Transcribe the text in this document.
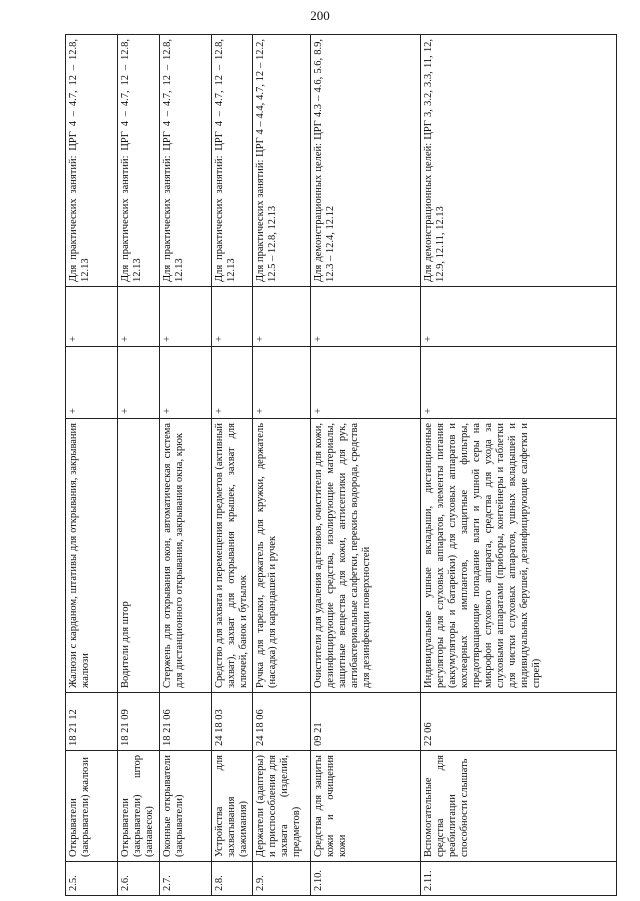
200
2.5.	Открыватели (закрыватели) жалюзи	18 21 12	Жалюзи с карданом, штативы для открывания, закрывания жалюзи	+	+	Для практических занятий: ЦРГ 4 – 4.7, 12 – 12.8, 12.13
2.6.	Открыватели (закрыватели) штор (занавесок)	18 21 09	Водители для штор	+	+	Для практических занятий: ЦРГ 4 – 4.7, 12 – 12.8, 12.13
2.7.	Оконные открыватели (закрыватели)	18 21 06	Стержень для открывания окон, автоматическая система для дистанционного открывания, закрывания окна, крюк	+	+	Для практических занятий: ЦРГ 4 – 4.7, 12 – 12.8, 12.13
2.8.	Устройства для захватывания (зажимания)	24 18 03	Средство для захвата и перемещения предметов (активный захват), захват для открывания крышек, захват для ключей, банок и бутылок	+	+	Для практических занятий: ЦРГ 4 – 4.7, 12 – 12.8, 12.13
2.9.	Держатели (адаптеры) и приспособления для захвата (изделий, предметов)	24 18 06	Ручка для тарелки, держатель для кружки, держатель (насадка) для карандашей и ручек	+	+	Для практических занятий: ЦРГ 4 – 4.4, 4.7, 12 – 12.2, 12.5 – 12.8, 12.13
2.10.	Средства для защиты кожи и очищения кожи	09 21	Очистители для удаления адгезивов, очистители для кожи, дезинфицирующие средства, изолирующие материалы, защитные вещества для кожи, антисептики для рук, антибактериальные салфетки, перекись водорода, средства для дезинфекции поверхностей	+	+	Для демонстрационных целей: ЦРГ 4.3 – 4.6, 5.6, 8.9, 12.3 – 12.4, 12.12
2.11.	Вспомогательные средства для реабилитации способности слышать	22 06	Индивидуальные ушные вкладыши, дистанционные регуляторы для слуховых аппаратов, элементы питания (аккумуляторы и батарейки) для слуховых аппаратов и кохлеарных имплантов, защитные фильтры, предотвращающие попадание влаги и ушной серы на микрофон слухового аппарата, средства для ухода за слуховыми аппаратами (приборы, контейнеры и таблетки для чистки слуховых аппаратов, ушных вкладышей и индивидуальных берушей, дезинфицирующие салфетки и спрей)	+	+	Для демонстрационных целей: ЦРГ 3, 3.2, 3.3, 11, 12, 12.9, 12.11, 12.13
